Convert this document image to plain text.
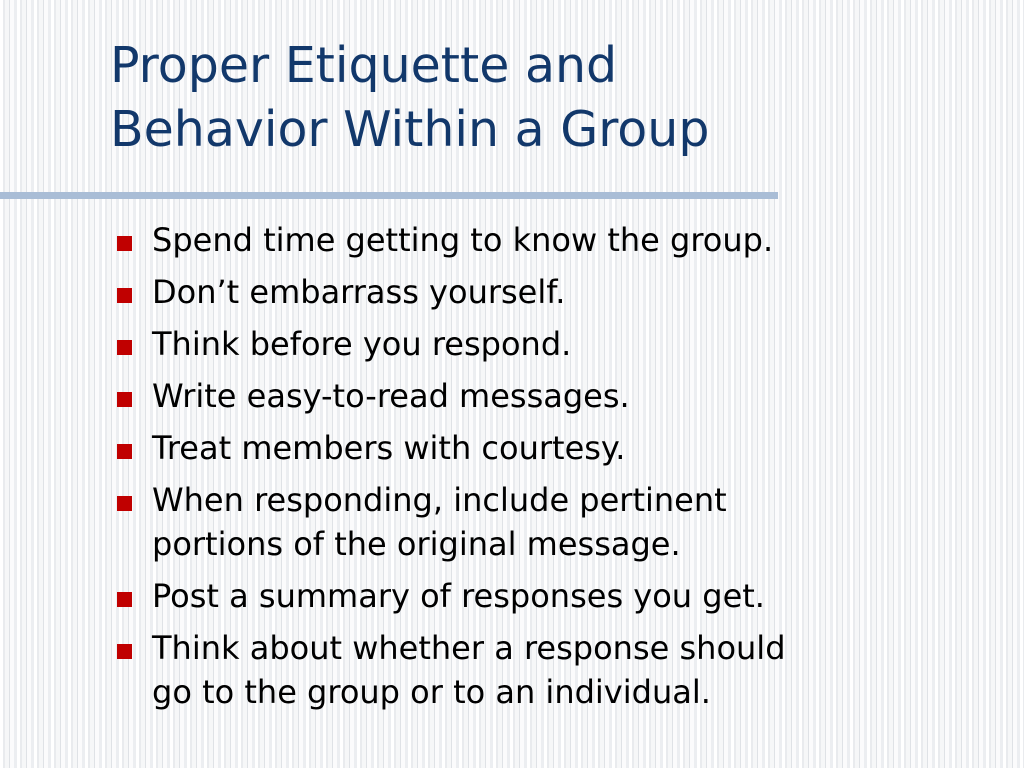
Proper Etiquette and
Behavior Within a Group
Spend time getting to know the group.
Don’t embarrass yourself.
Think before you respond.
Write easy-to-read messages.
Treat members with courtesy.
When responding, include pertinent
portions of the original message.
Post a summary of responses you get.
Think about whether a response should
go to the group or to an individual.
